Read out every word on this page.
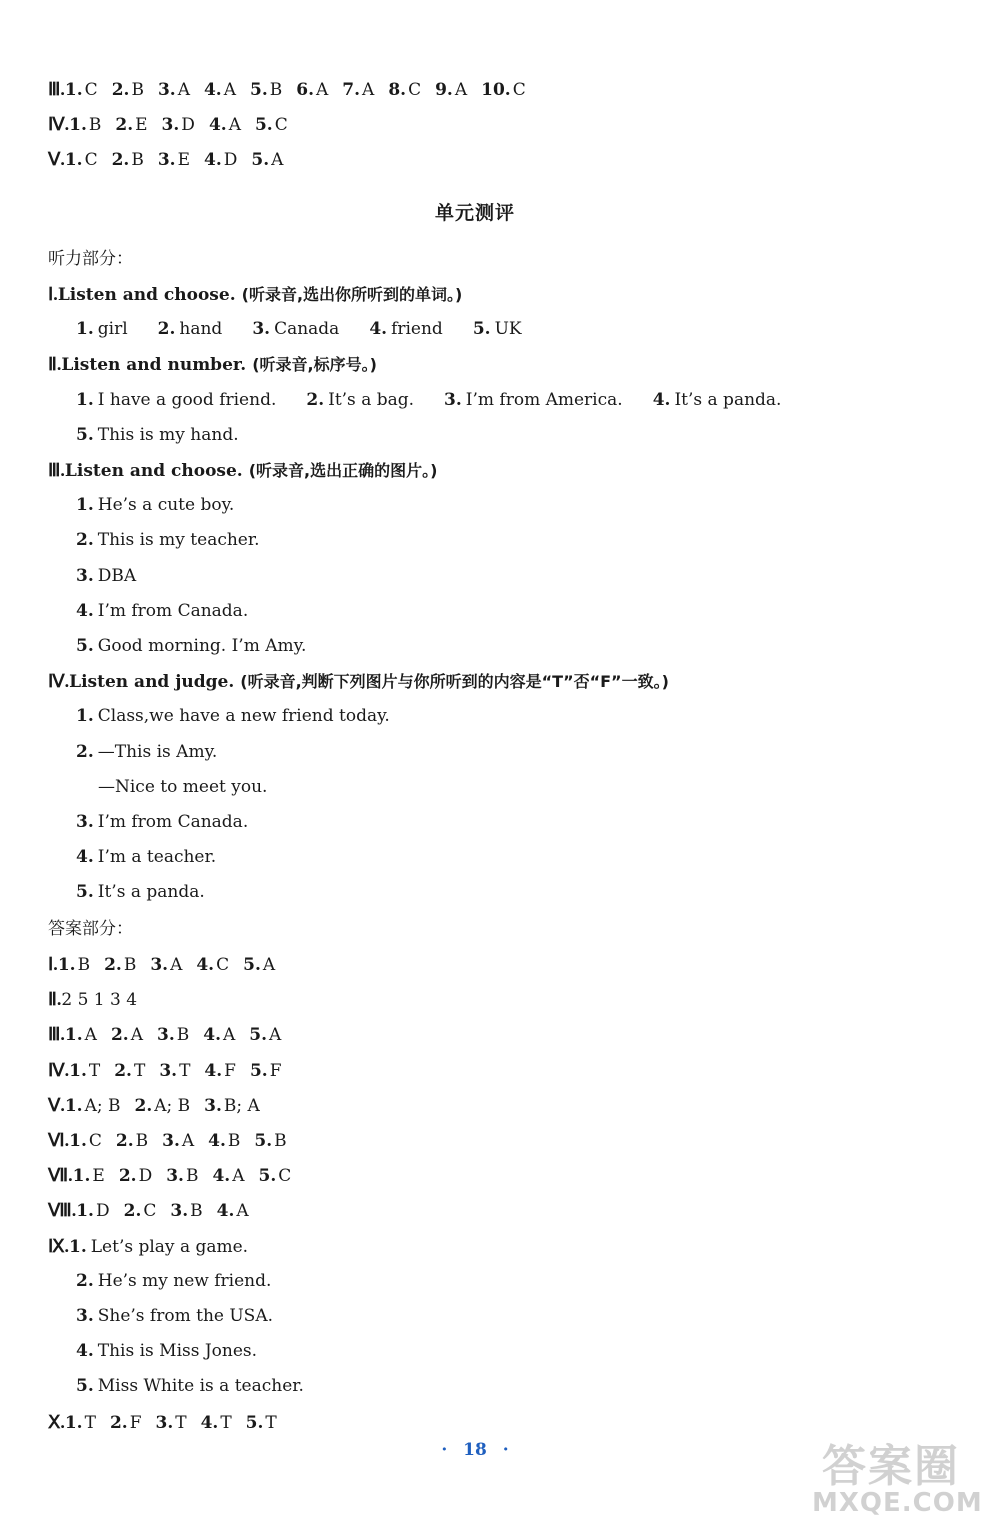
Ⅲ.1. C 2. B 3. A 4. A 5. B 6. A 7. A 8. C 9. A 10. C
Ⅳ.1. B 2. E 3. D 4. A 5. C
Ⅴ.1. C 2. B 3. E 4. D 5. A
听力部分：
Ⅰ.Listen and choose. (听录音,选出你所听到的单词。)
1. girl 2. hand 3. Canada 4. friend 5. UK
Ⅱ.Listen and number. (听录音,标序号。)
1. I have a good friend. 2. It’s a bag. 3. I’m from America. 4. It’s a panda.
5. This is my hand.
Ⅲ.Listen and choose. (听录音,选出正确的图片。)
1. He’s a cute boy.
2. This is my teacher.
3. DBA
4. I’m from Canada.
5. Good morning. I’m Amy.
Ⅳ.Listen and judge. (听录音,判断下列图片与你所听到的内容是“T”否“F”一致。)
1. Class,we have a new friend today.
2. —This is Amy.
—Nice to meet you.
3. I’m from Canada.
4. I’m a teacher.
5. It’s a panda.
答案部分：
Ⅰ.1. B 2. B 3. A 4. C 5. A
Ⅱ.2 5 1 3 4
Ⅲ.1. A 2. A 3. B 4. A 5. A
Ⅳ.1. T 2. T 3. T 4. F 5. F
Ⅴ.1. A; B 2. A; B 3. B; A
Ⅵ.1. C 2. B 3. A 4. B 5. B
Ⅶ.1. E 2. D 3. B 4. A 5. C
Ⅷ.1. D 2. C 3. B 4. A
Ⅸ.1. Let’s play a game.
2. He’s my new friend.
3. She’s from the USA.
4. This is Miss Jones.
5. Miss White is a teacher.
Ⅹ.1. T 2. F 3. T 4. T 5. T
单元测评
· 18 ·	答案圈
MXQE.COM
